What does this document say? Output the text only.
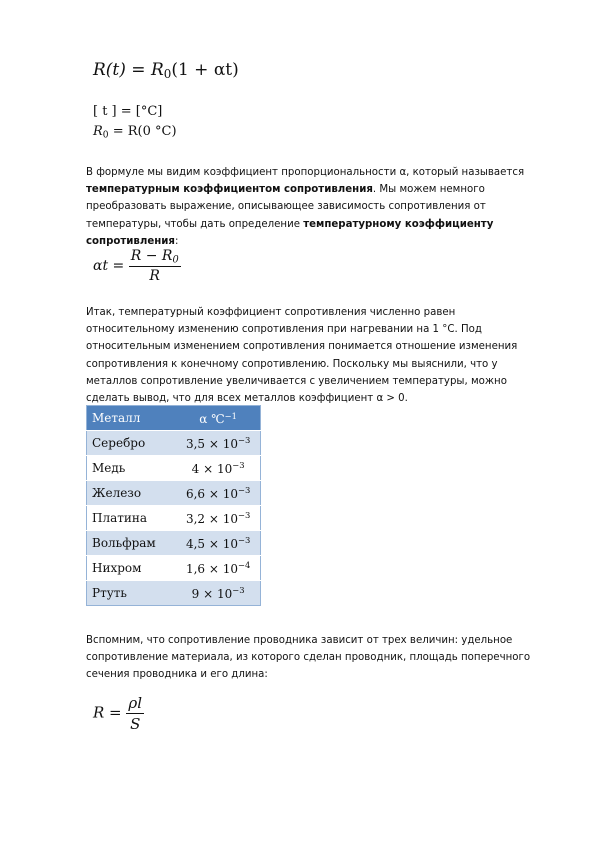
$R(t) = R_0(1 + \alpha t)$
[ t ] = [°C]
$R_0 = R(0$ °C)

В формуле мы видим коэффициент пропорциональности α, который называется температурным коэффициентом сопротивления. Мы можем немного преобразовать выражение, описывающее зависимость сопротивления от температуры, чтобы дать определение температурному коэффициенту сопротивления:

$\alpha t = \frac{R - R_0}{R}$

Итак, температурный коэффициент сопротивления численно равен относительному изменению сопротивления при нагревании на 1 °С. Под относительным изменением сопротивления понимается отношение изменения сопротивления к конечному сопротивлению. Поскольку мы выяснили, что у металлов сопротивление увеличивается с увеличением температуры, можно сделать вывод, что для всех металлов коэффициент α > 0.

Металл	α ℃$^{-1}$
Серебро	$3,5 \times 10^{-3}$
Медь	$4 \times 10^{-3}$
Железо	$6,6 \times 10^{-3}$
Платина	$3,2 \times 10^{-3}$
Вольфрам	$4,5 \times 10^{-3}$
Нихром	$1,6 \times 10^{-4}$
Ртуть	$9 \times 10^{-3}$

Вспомним, что сопротивление проводника зависит от трех величин: удельное сопротивление материала, из которого сделан проводник, площадь поперечного сечения проводника и его длина:

$R = \frac{\rho l}{S}$
